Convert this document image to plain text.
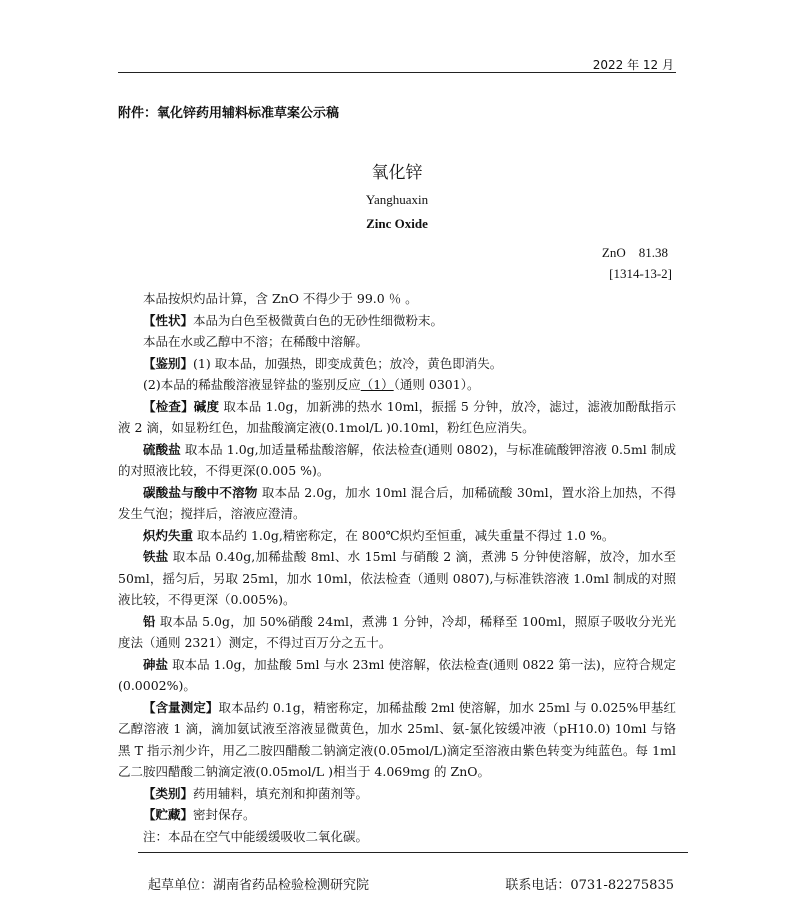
2022 年 12 月
附件：氧化锌药用辅料标准草案公示稿
氧化锌
Yanghuaxin
Zinc Oxide
ZnO　81.38
[1314-13-2]

本品按炽灼品计算，含 ZnO 不得少于 99.0 ％ 。

【性状】本品为白色至极微黄白色的无砂性细微粉末。

本品在水或乙醇中不溶；在稀酸中溶解。

【鉴别】(1) 取本品，加强热，即变成黄色；放冷，黄色即消失。

(2)本品的稀盐酸溶液显锌盐的鉴别反应（1）（通则 0301）。

【检查】碱度 取本品 1.0g，加新沸的热水 10ml，振摇 5 分钟，放冷，滤过，滤液加酚酞指示液 2 滴，如显粉红色，加盐酸滴定液(0.1mol/L )0.10ml，粉红色应消失。

硫酸盐 取本品 1.0g,加适量稀盐酸溶解，依法检查(通则 0802)，与标准硫酸钾溶液 0.5ml 制成的对照液比较，不得更深(0.005 %)。

碳酸盐与酸中不溶物 取本品 2.0g，加水 10ml 混合后，加稀硫酸 30ml，置水浴上加热，不得发生气泡；搅拌后，溶液应澄清。

炽灼失重 取本品约 1.0g,精密称定，在 800℃炽灼至恒重，减失重量不得过 1.0 %。

铁盐 取本品 0.40g,加稀盐酸 8ml、水 15ml 与硝酸 2 滴，煮沸 5 分钟使溶解，放冷，加水至 50ml，摇匀后，另取 25ml，加水 10ml，依法检查（通则 0807),与标准铁溶液 1.0ml 制成的对照液比较，不得更深（0.005%)。

铅 取本品 5.0g，加 50%硝酸 24ml，煮沸 1 分钟，冷却，稀释至 100ml，照原子吸收分光光度法（通则 2321）测定，不得过百万分之五十。

砷盐 取本品 1.0g，加盐酸 5ml 与水 23ml 使溶解，依法检查(通则 0822 第一法)，应符合规定(0.0002%)。

【含量测定】取本品约 0.1g，精密称定，加稀盐酸 2ml 使溶解，加水 25ml 与 0.025%甲基红乙醇溶液 1 滴，滴加氨试液至溶液显微黄色，加水 25ml、氨-氯化铵缓冲液（pH10.0) 10ml 与铬黑 T 指示剂少许，用乙二胺四醋酸二钠滴定液(0.05mol/L)滴定至溶液由紫色转变为纯蓝色。每 1ml 乙二胺四醋酸二钠滴定液(0.05mol/L )相当于 4.069mg 的 ZnO。

【类别】药用辅料，填充剂和抑菌剂等。

【贮藏】密封保存。

注：本品在空气中能缓缓吸收二氧化碳。

起草单位：湖南省药品检验检测研究院	联系电话：0731-82275835
